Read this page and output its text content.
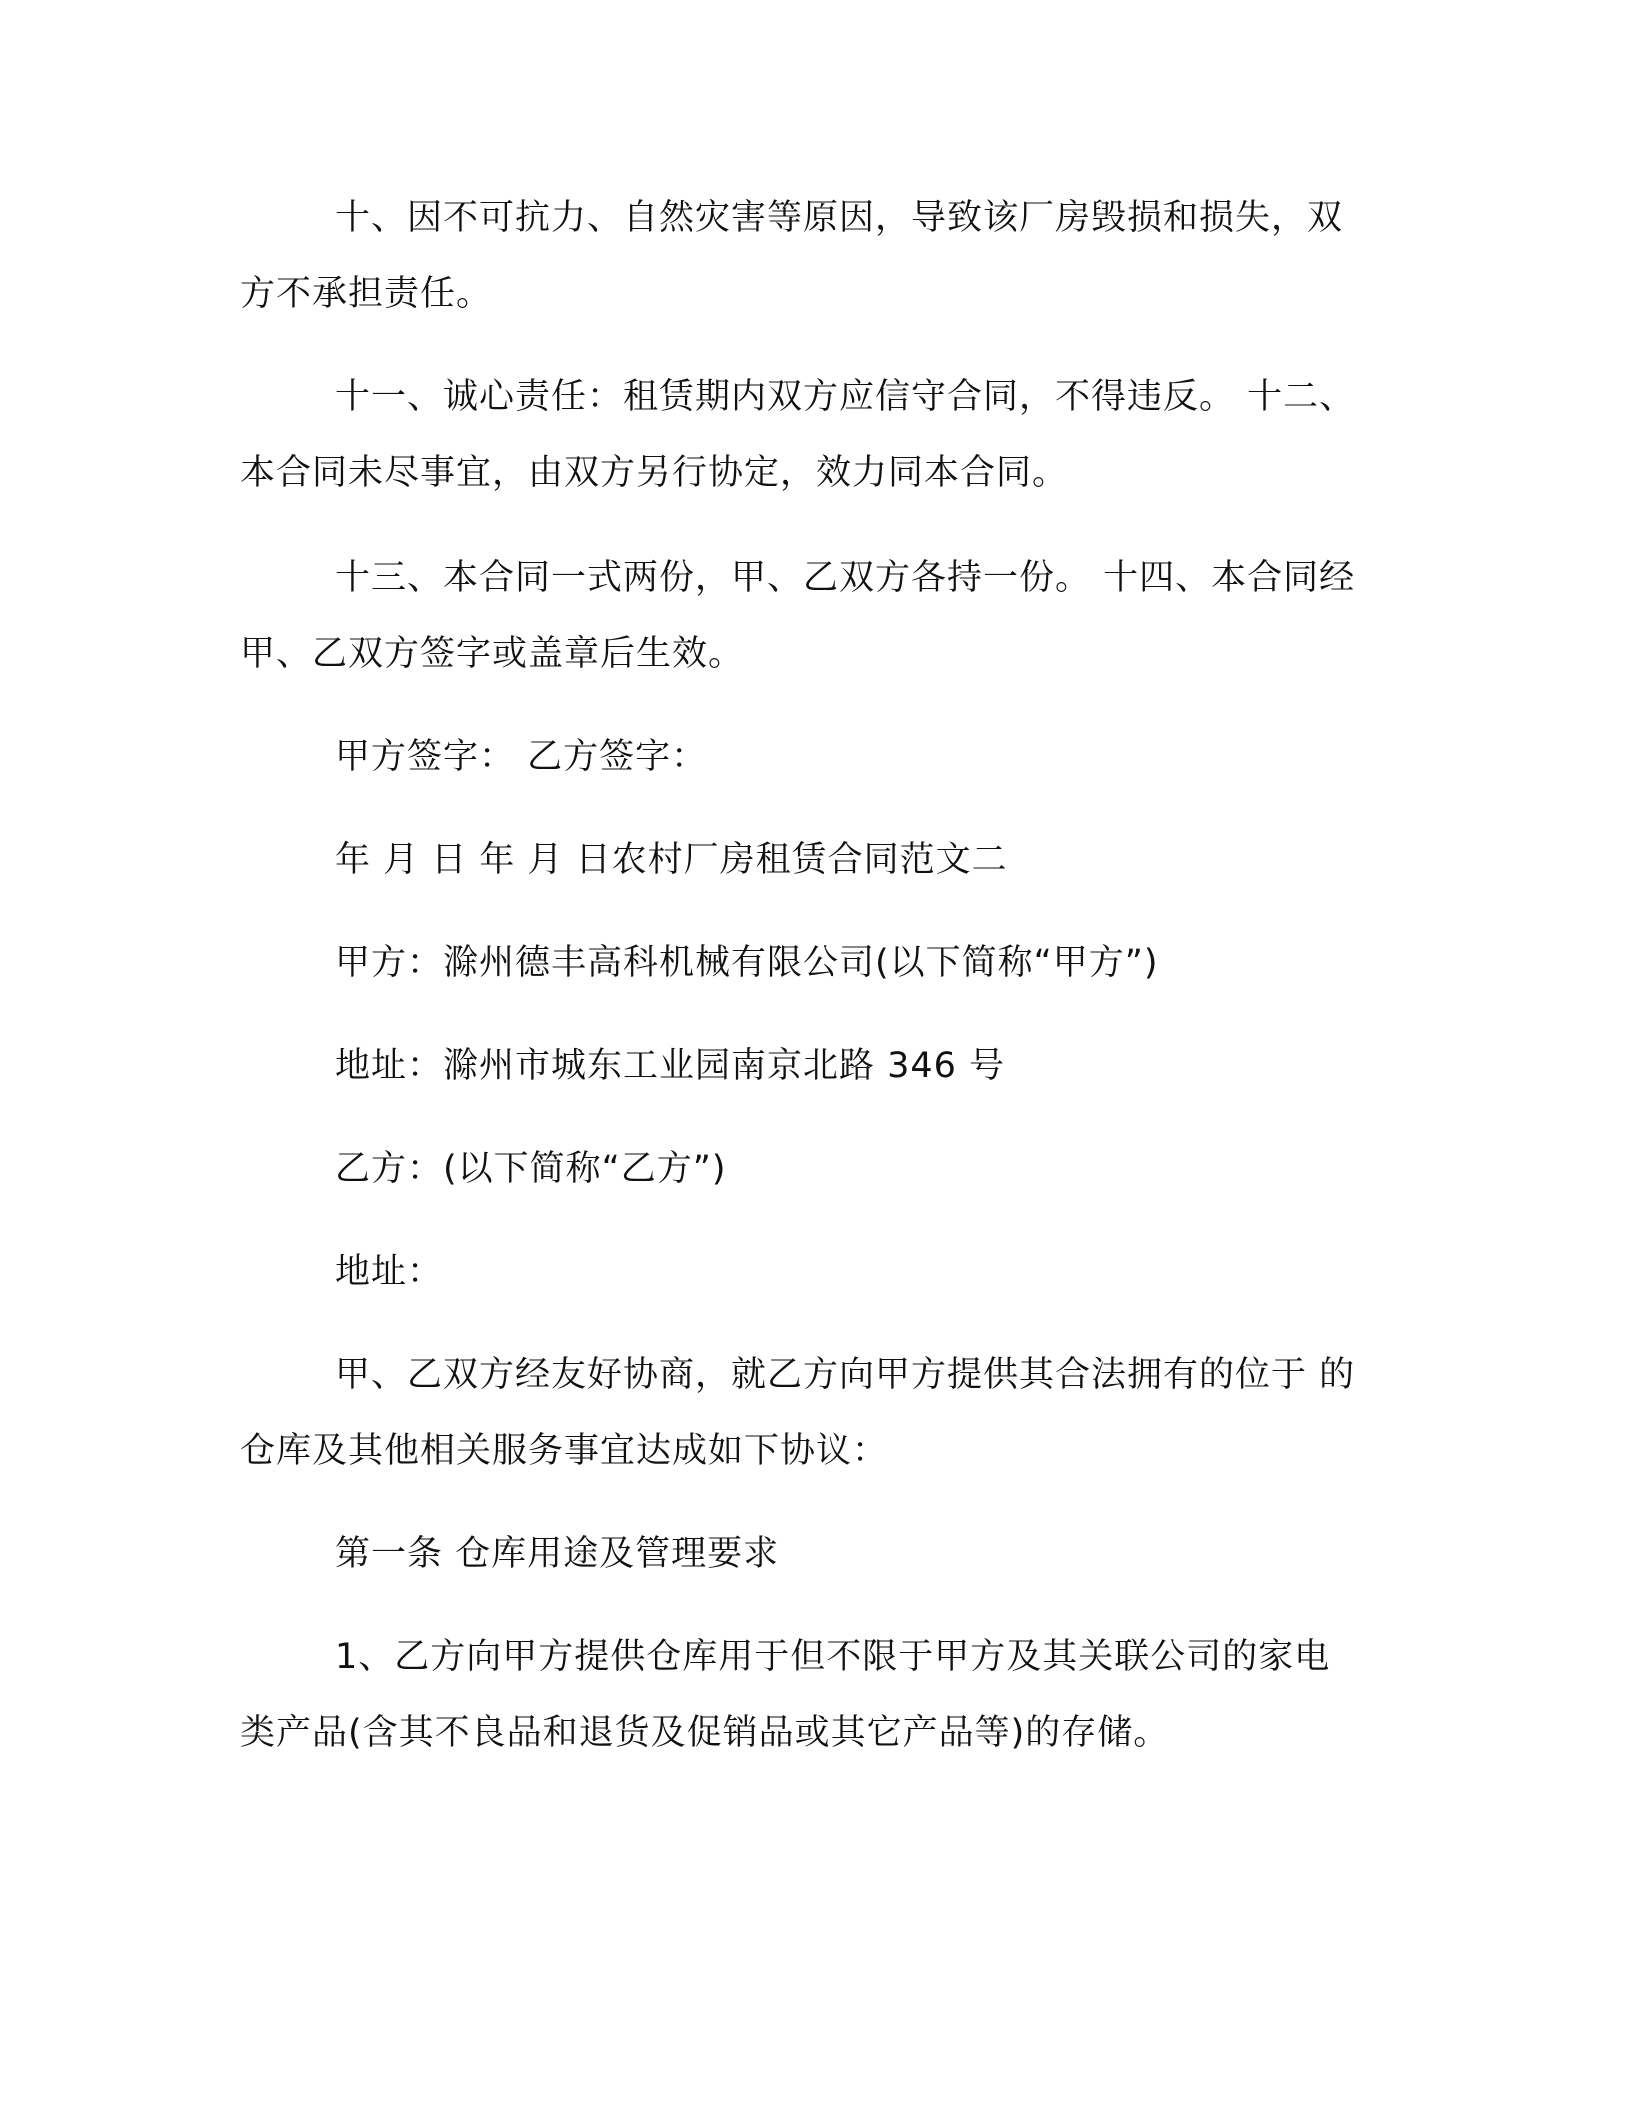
十、因不可抗力、自然灾害等原因，导致该厂房毁损和损失，双
方不承担责任。
十一、诚心责任：租赁期内双方应信守合同，不得违反。 十二、
本合同未尽事宜，由双方另行协定，效力同本合同。
十三、本合同一式两份，甲、乙双方各持一份。 十四、本合同经
甲、乙双方签字或盖章后生效。
甲方签字： 乙方签字：
年 月 日 年 月 日农村厂房租赁合同范文二
甲方：滁州德丰高科机械有限公司(以下简称“甲方”)
地址：滁州市城东工业园南京北路 346 号
乙方：(以下简称“乙方”)
地址：
甲、乙双方经友好协商，就乙方向甲方提供其合法拥有的位于 的
仓库及其他相关服务事宜达成如下协议：
第一条 仓库用途及管理要求
1、乙方向甲方提供仓库用于但不限于甲方及其关联公司的家电
类产品(含其不良品和退货及促销品或其它产品等)的存储。
